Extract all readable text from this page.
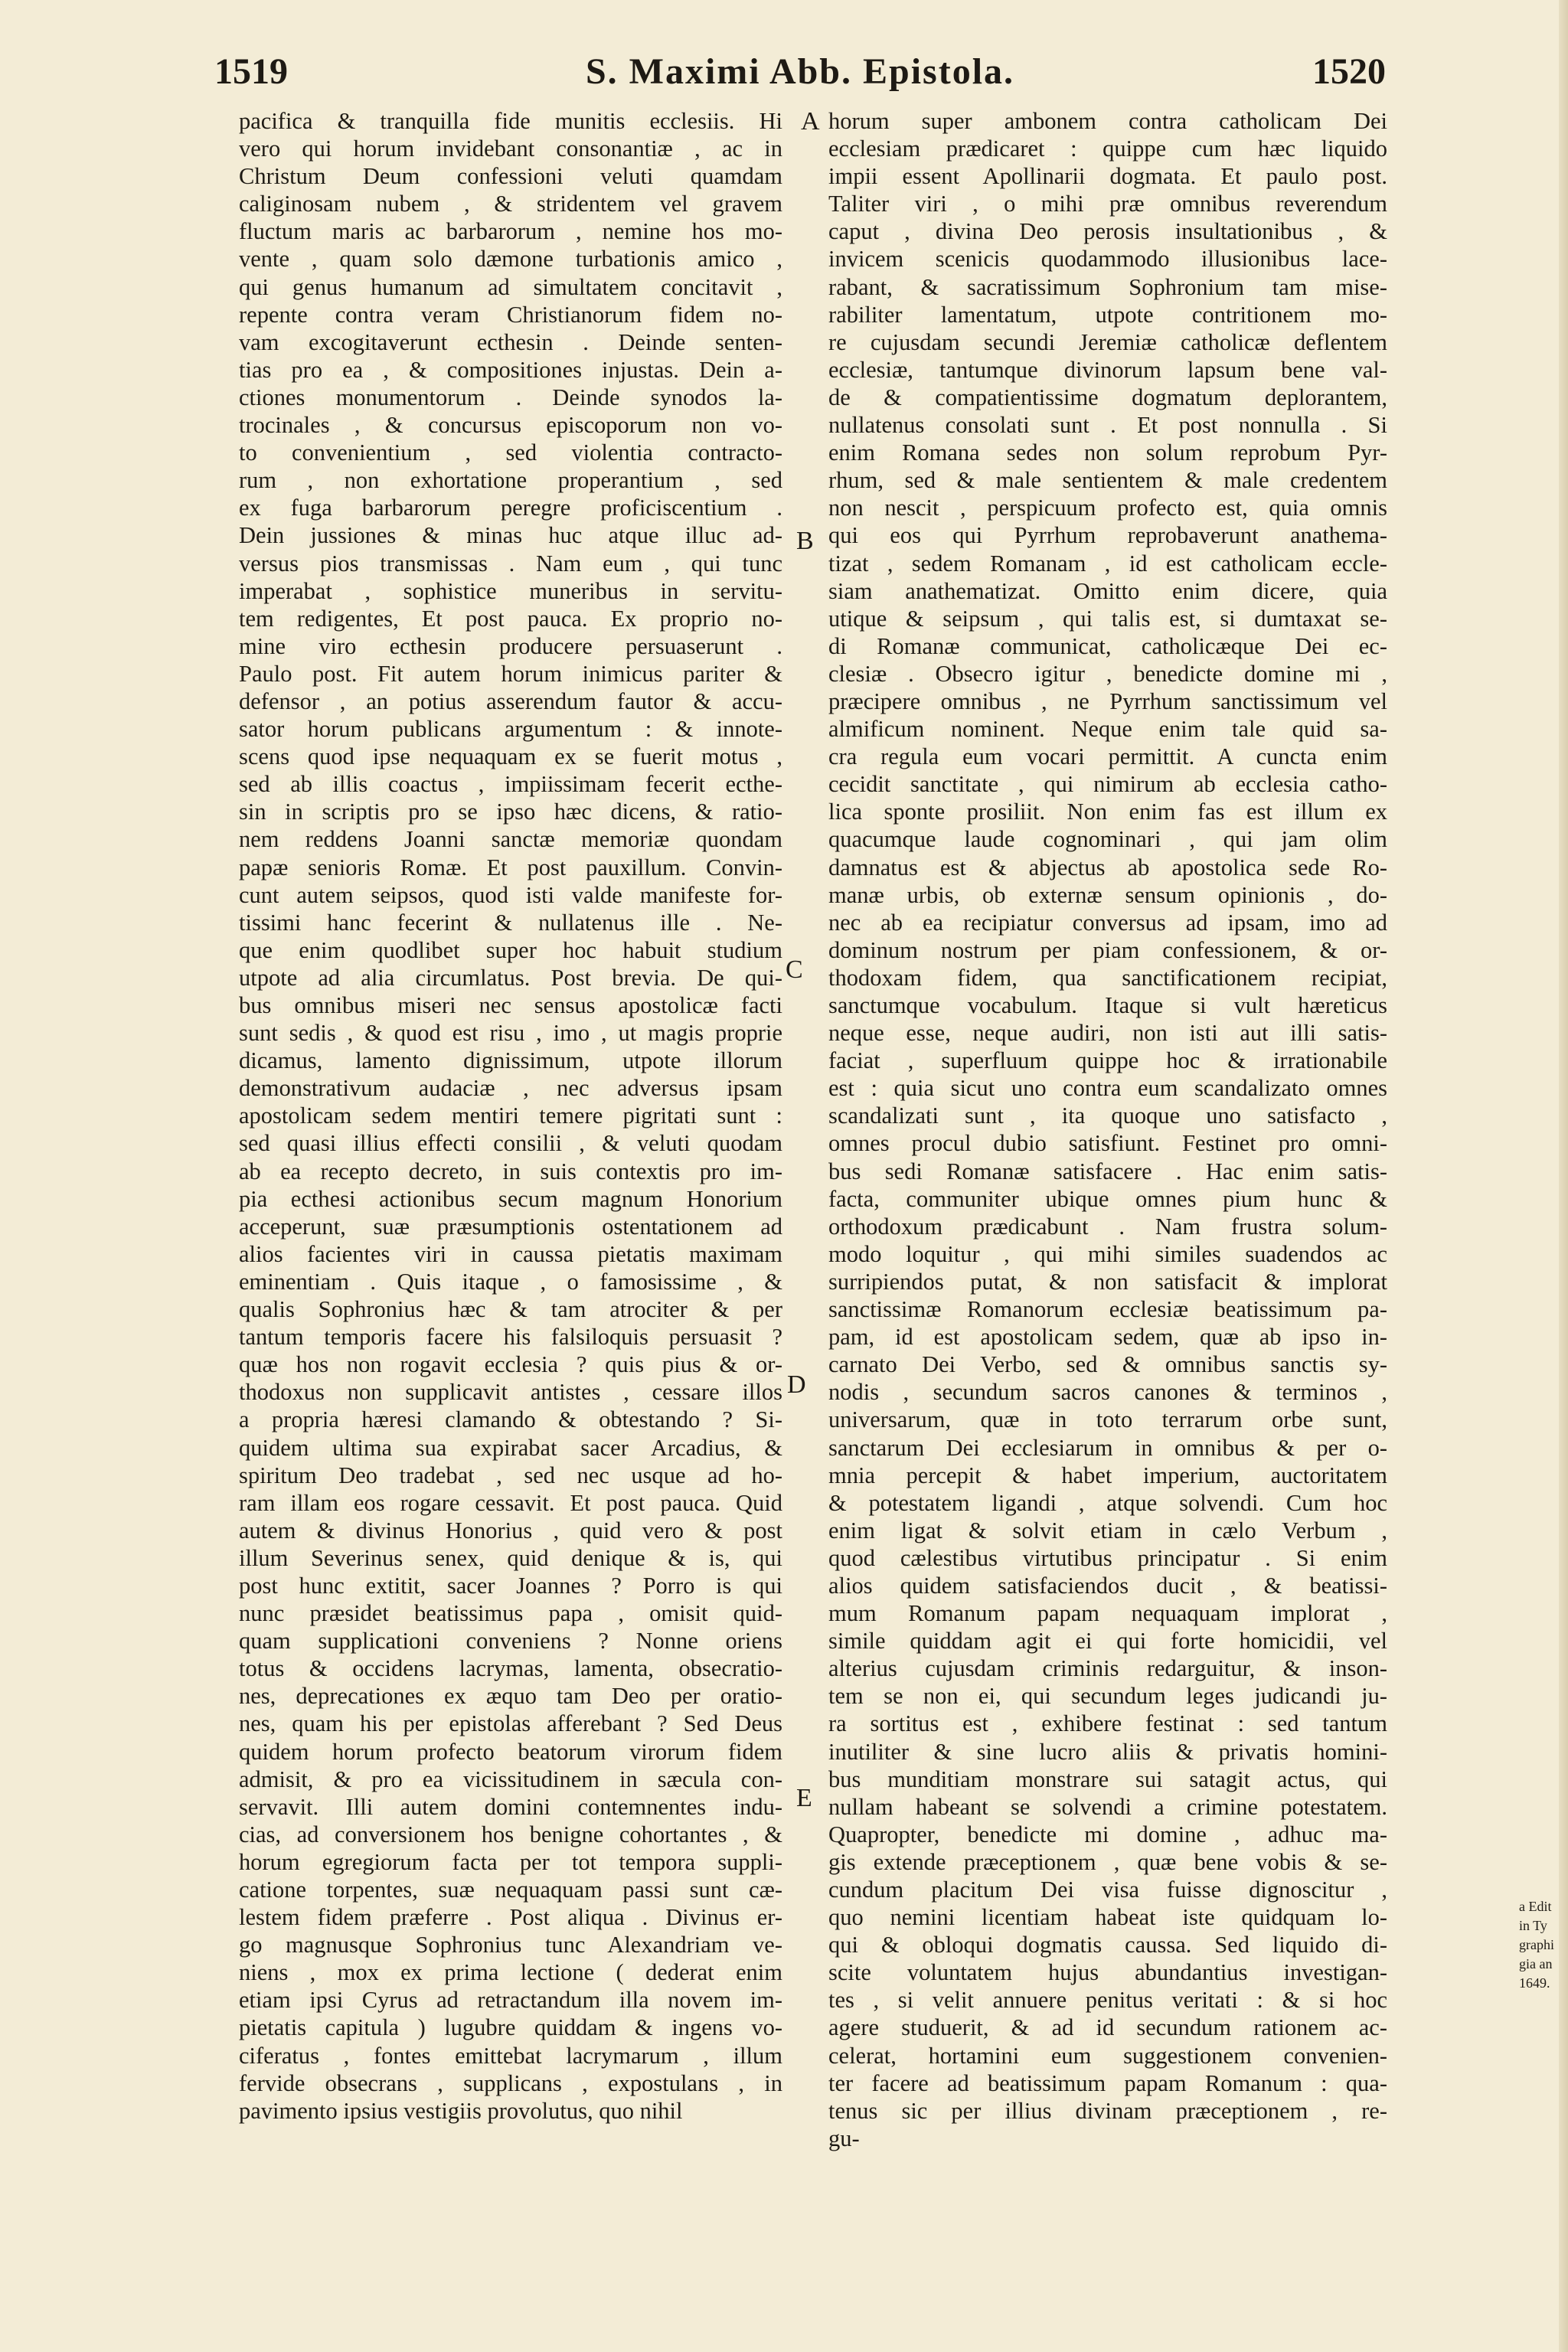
1519	S. Maximi Abb. Epistola.	1520
pacifica & tranquilla fide munitis ecclesiis. Hi
vero qui horum invidebant consonantiæ , ac in
Christum Deum confessioni veluti quamdam
caliginosam nubem , & stridentem vel gravem
fluctum maris ac barbarorum , nemine hos mo-
vente , quam solo dæmone turbationis amico ,
qui genus humanum ad simultatem concitavit ,
repente contra veram Christianorum fidem no-
vam excogitaverunt ecthesin . Deinde senten-
tias pro ea , & compositiones injustas. Dein a-
ctiones monumentorum . Deinde synodos la-
trocinales , & concursus episcoporum non vo-
to convenientium , sed violentia contracto-
rum , non exhortatione properantium , sed
ex fuga barbarorum peregre proficiscentium .
Dein jussiones & minas huc atque illuc ad-
versus pios transmissas . Nam eum , qui tunc
imperabat , sophistice muneribus in servitu-
tem redigentes, Et post pauca. Ex proprio no-
mine viro ecthesin producere persuaserunt .
Paulo post. Fit autem horum inimicus pariter &
defensor , an potius asserendum fautor & accu-
sator horum publicans argumentum : & innote-
scens quod ipse nequaquam ex se fuerit motus ,
sed ab illis coactus , impiissimam fecerit ecthe-
sin in scriptis pro se ipso hæc dicens, & ratio-
nem reddens Joanni sanctæ memoriæ quondam
papæ senioris Romæ. Et post pauxillum. Convin-
cunt autem seipsos, quod isti valde manifeste for-
tissimi hanc fecerint & nullatenus ille . Ne-
que enim quodlibet super hoc habuit studium
utpote ad alia circumlatus. Post brevia. De qui-
bus omnibus miseri nec sensus apostolicæ facti
sunt sedis , & quod est risu , imo , ut magis proprie
dicamus, lamento dignissimum, utpote illorum
demonstrativum audaciæ , nec adversus ipsam
apostolicam sedem mentiri temere pigritati sunt :
sed quasi illius effecti consilii , & veluti quodam
ab ea recepto decreto, in suis contextis pro im-
pia ecthesi actionibus secum magnum Honorium
acceperunt, suæ præsumptionis ostentationem ad
alios facientes viri in caussa pietatis maximam
eminentiam . Quis itaque , o famosissime , &
qualis Sophronius hæc & tam atrociter & per
tantum temporis facere his falsiloquis persuasit ?
quæ hos non rogavit ecclesia ? quis pius & or-
thodoxus non supplicavit antistes , cessare illos
a propria hæresi clamando & obtestando ? Si-
quidem ultima sua expirabat sacer Arcadius, &
spiritum Deo tradebat , sed nec usque ad ho-
ram illam eos rogare cessavit. Et post pauca. Quid
autem & divinus Honorius , quid vero & post
illum Severinus senex, quid denique & is, qui
post hunc extitit, sacer Joannes ? Porro is qui
nunc præsidet beatissimus papa , omisit quid-
quam supplicationi conveniens ? Nonne oriens
totus & occidens lacrymas, lamenta, obsecratio-
nes, deprecationes ex æquo tam Deo per oratio-
nes, quam his per epistolas afferebant ? Sed Deus
quidem horum profecto beatorum virorum fidem
admisit, & pro ea vicissitudinem in sæcula con-
servavit. Illi autem domini contemnentes indu-
cias, ad conversionem hos benigne cohortantes , &
horum egregiorum facta per tot tempora suppli-
catione torpentes, suæ nequaquam passi sunt cæ-
lestem fidem præferre . Post aliqua . Divinus er-
go magnusque Sophronius tunc Alexandriam ve-
niens , mox ex prima lectione ( dederat enim
etiam ipsi Cyrus ad retractandum illa novem im-
pietatis capitula ) lugubre quiddam & ingens vo-
ciferatus , fontes emittebat lacrymarum , illum
fervide obsecrans , supplicans , expostulans , in
pavimento ipsius vestigiis provolutus, quo nihil
horum super ambonem contra catholicam Dei
ecclesiam prædicaret : quippe cum hæc liquido
impii essent Apollinarii dogmata. Et paulo post.
Taliter viri , o mihi præ omnibus reverendum
caput , divina Deo perosis insultationibus , &
invicem scenicis quodammodo illusionibus lace-
rabant, & sacratissimum Sophronium tam mise-
rabiliter lamentatum, utpote contritionem mo-
re cujusdam secundi Jeremiæ catholicæ deflentem
ecclesiæ, tantumque divinorum lapsum bene val-
de & compatientissime dogmatum deplorantem,
nullatenus consolati sunt . Et post nonnulla . Si
enim Romana sedes non solum reprobum Pyr-
rhum, sed & male sentientem & male credentem
non nescit , perspicuum profecto est, quia omnis
qui eos qui Pyrrhum reprobaverunt anathema-
tizat , sedem Romanam , id est catholicam eccle-
siam anathematizat. Omitto enim dicere, quia
utique & seipsum , qui talis est, si dumtaxat se-
di Romanæ communicat, catholicæque Dei ec-
clesiæ . Obsecro igitur , benedicte domine mi ,
præcipere omnibus , ne Pyrrhum sanctissimum vel
almificum nominent. Neque enim tale quid sa-
cra regula eum vocari permittit. A cuncta enim
cecidit sanctitate , qui nimirum ab ecclesia catho-
lica sponte prosiliit. Non enim fas est illum ex
quacumque laude cognominari , qui jam olim
damnatus est & abjectus ab apostolica sede Ro-
manæ urbis, ob externæ sensum opinionis , do-
nec ab ea recipiatur conversus ad ipsam, imo ad
dominum nostrum per piam confessionem, & or-
thodoxam fidem, qua sanctificationem recipiat,
sanctumque vocabulum. Itaque si vult hæreticus
neque esse, neque audiri, non isti aut illi satis-
faciat , superfluum quippe hoc & irrationabile
est : quia sicut uno contra eum scandalizato omnes
scandalizati sunt , ita quoque uno satisfacto ,
omnes procul dubio satisfiunt. Festinet pro omni-
bus sedi Romanæ satisfacere . Hac enim satis-
facta, communiter ubique omnes pium hunc &
orthodoxum prædicabunt . Nam frustra solum-
modo loquitur , qui mihi similes suadendos ac
surripiendos putat, & non satisfacit & implorat
sanctissimæ Romanorum ecclesiæ beatissimum pa-
pam, id est apostolicam sedem, quæ ab ipso in-
carnato Dei Verbo, sed & omnibus sanctis sy-
nodis , secundum sacros canones & terminos ,
universarum, quæ in toto terrarum orbe sunt,
sanctarum Dei ecclesiarum in omnibus & per o-
mnia percepit & habet imperium, auctoritatem
& potestatem ligandi , atque solvendi. Cum hoc
enim ligat & solvit etiam in cælo Verbum ,
quod cælestibus virtutibus principatur . Si enim
alios quidem satisfaciendos ducit , & beatissi-
mum Romanum papam nequaquam implorat ,
simile quiddam agit ei qui forte homicidii, vel
alterius cujusdam criminis redarguitur, & inson-
tem se non ei, qui secundum leges judicandi ju-
ra sortitus est , exhibere festinat : sed tantum
inutiliter & sine lucro aliis & privatis homini-
bus munditiam monstrare sui satagit actus, qui
nullam habeant se solvendi a crimine potestatem.
Quapropter, benedicte mi domine , adhuc ma-
gis extende præceptionem , quæ bene vobis & se-
cundum placitum Dei visa fuisse dignoscitur ,
quo nemini licentiam habeat iste quidquam lo-
qui & obloqui dogmatis caussa. Sed liquido di-
scite voluntatem hujus abundantius investigan-
tes , si velit annuere penitus veritati : & si hoc
agere studuerit, & ad id secundum rationem ac-
celerat, hortamini eum suggestionem convenien-
ter facere ad beatissimum papam Romanum : qua-
tenus sic per illius divinam præceptionem , re-
gu-
A
B
C
D
E
a Edit
in Ty
graphi
gia an
1649.
